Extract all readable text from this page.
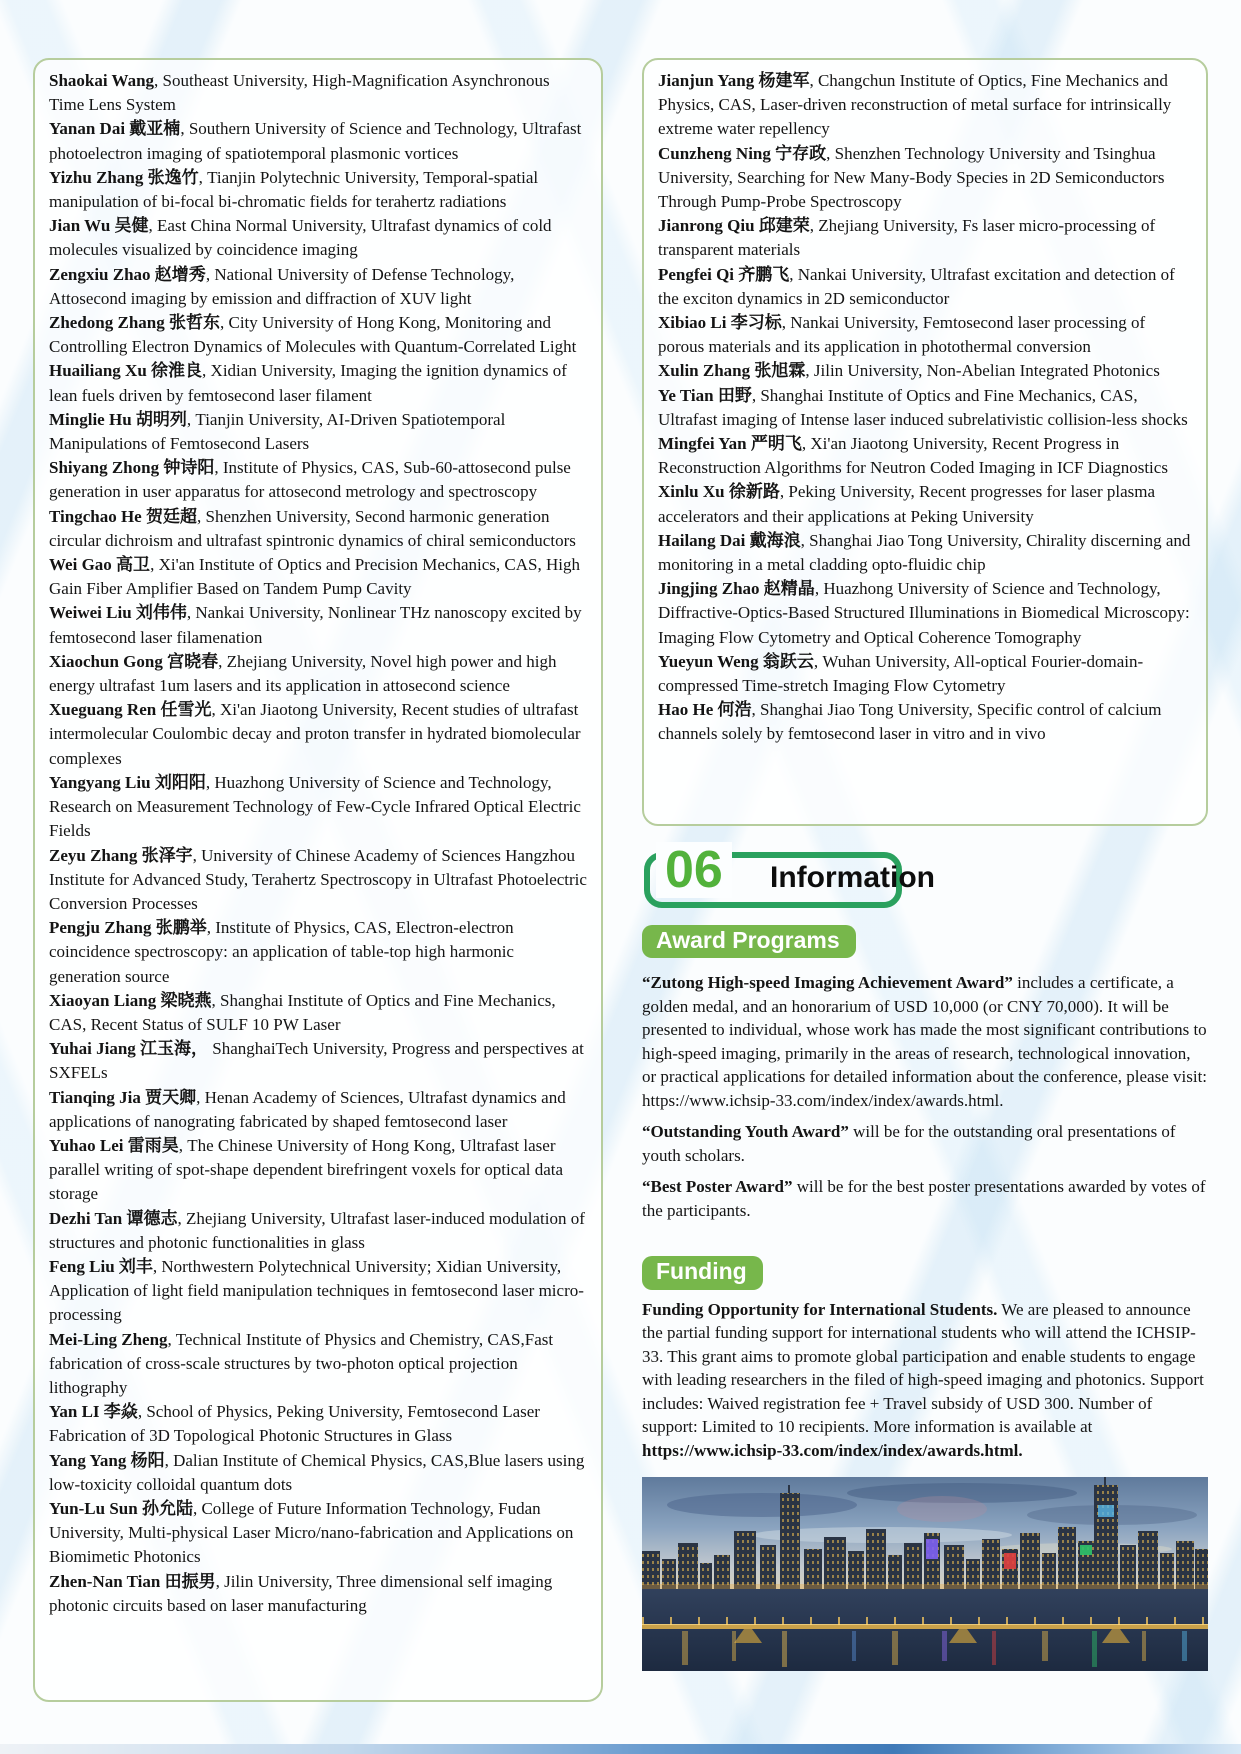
Shaokai Wang, Southeast University, High-Magnification Asynchronous Time Lens System

Yanan Dai 戴亚楠, Southern University of Science and Technology, Ultrafast photoelectron imaging of spatiotemporal plasmonic vortices

Yizhu Zhang 张逸竹, Tianjin Polytechnic University, Temporal-spatial manipulation of bi-focal bi-chromatic fields for terahertz radiations

Jian Wu 吴健, East China Normal University, Ultrafast dynamics of cold molecules visualized by coincidence imaging

Zengxiu Zhao 赵增秀, National University of Defense Technology, Attosecond imaging by emission and diffraction of XUV light

Zhedong Zhang 张哲东, City University of Hong Kong, Monitoring and Controlling Electron Dynamics of Molecules with Quantum-Correlated Light

Huailiang Xu 徐淮良, Xidian University, Imaging the ignition dynamics of lean fuels driven by femtosecond laser filament

Minglie Hu 胡明列, Tianjin University, AI-Driven Spatiotemporal Manipulations of Femtosecond Lasers

Shiyang Zhong 钟诗阳, Institute of Physics, CAS, Sub-60-attosecond pulse generation in user apparatus for attosecond metrology and spectroscopy

Tingchao He 贺廷超, Shenzhen University, Second harmonic generation circular dichroism and ultrafast spintronic dynamics of chiral semiconductors

Wei Gao 高卫, Xi'an Institute of Optics and Precision Mechanics, CAS, High Gain Fiber Amplifier Based on Tandem Pump Cavity

Weiwei Liu 刘伟伟, Nankai University, Nonlinear THz nanoscopy excited by femtosecond laser filamenation

Xiaochun Gong 宫晓春, Zhejiang University, Novel high power and high energy ultrafast 1um lasers and its application in attosecond science

Xueguang Ren 任雪光, Xi'an Jiaotong University, Recent studies of ultrafast intermolecular Coulombic decay and proton transfer in hydrated biomolecular complexes

Yangyang Liu 刘阳阳, Huazhong University of Science and Technology, Research on Measurement Technology of Few-Cycle Infrared Optical Electric Fields

Zeyu Zhang 张泽宇, University of Chinese Academy of Sciences Hangzhou Institute for Advanced Study, Terahertz Spectroscopy in Ultrafast Photoelectric Conversion Processes

Pengju Zhang 张鹏举, Institute of Physics, CAS, Electron-electron coincidence spectroscopy: an application of table-top high harmonic generation source

Xiaoyan Liang 梁晓燕, Shanghai Institute of Optics and Fine Mechanics, CAS, Recent Status of SULF 10 PW Laser

Yuhai Jiang 江玉海， ShanghaiTech University, Progress and perspectives at SXFELs

Tianqing Jia 贾天卿, Henan Academy of Sciences, Ultrafast dynamics and applications of nanograting fabricated by shaped femtosecond laser

Yuhao Lei 雷雨昊, The Chinese University of Hong Kong, Ultrafast laser parallel writing of spot-shape dependent birefringent voxels for optical data storage

Dezhi Tan 谭德志, Zhejiang University, Ultrafast laser-induced modulation of structures and photonic functionalities in glass

Feng Liu 刘丰, Northwestern Polytechnical University; Xidian University, Application of light field manipulation techniques in femtosecond laser micro-processing

Mei-Ling Zheng, Technical Institute of Physics and Chemistry, CAS,Fast fabrication of cross-scale structures by two-photon optical projection lithography

Yan LI 李焱, School of Physics, Peking University, Femtosecond Laser Fabrication of 3D Topological Photonic Structures in Glass

Yang Yang 杨阳, Dalian Institute of Chemical Physics, CAS,Blue lasers using low-toxicity colloidal quantum dots

Yun-Lu Sun 孙允陆, College of Future Information Technology, Fudan University, Multi-physical Laser Micro/nano-fabrication and Applications on Biomimetic Photonics

Zhen-Nan Tian 田振男, Jilin University, Three dimensional self imaging photonic circuits based on laser manufacturing

Jianjun Yang 杨建军, Changchun Institute of Optics, Fine Mechanics and Physics, CAS, Laser-driven reconstruction of metal surface for intrinsically extreme water repellency

Cunzheng Ning 宁存政, Shenzhen Technology University and Tsinghua University, Searching for New Many-Body Species in 2D Semiconductors Through Pump-Probe Spectroscopy

Jianrong Qiu 邱建荣, Zhejiang University, Fs laser micro-processing of transparent materials

Pengfei Qi 齐鹏飞, Nankai University, Ultrafast excitation and detection of the exciton dynamics in 2D semiconductor

Xibiao Li 李习标, Nankai University, Femtosecond laser processing of porous materials and its application in photothermal conversion

Xulin Zhang 张旭霖, Jilin University, Non-Abelian Integrated Photonics

Ye Tian 田野, Shanghai Institute of Optics and Fine Mechanics, CAS, Ultrafast imaging of Intense laser induced subrelativistic collision-less shocks

Mingfei Yan 严明飞, Xi'an Jiaotong University, Recent Progress in Reconstruction Algorithms for Neutron Coded Imaging in ICF Diagnostics

Xinlu Xu 徐新路, Peking University, Recent progresses for laser plasma accelerators and their applications at Peking University

Hailang Dai 戴海浪, Shanghai Jiao Tong University, Chirality discerning and monitoring in a metal cladding opto-fluidic chip

Jingjing Zhao 赵精晶, Huazhong University of Science and Technology, Diffractive-Optics-Based Structured Illuminations in Biomedical Microscopy: Imaging Flow Cytometry and Optical Coherence Tomography

Yueyun Weng 翁跃云, Wuhan University, All-optical Fourier-domain-compressed Time-stretch Imaging Flow Cytometry

Hao He 何浩, Shanghai Jiao Tong University, Specific control of calcium channels solely by femtosecond laser in vitro and in vivo

06	Information
Award Programs

“Zutong High-speed Imaging Achievement Award” includes a certificate, a golden medal, and an honorarium of USD 10,000 (or CNY 70,000). It will be presented to individual, whose work has made the most significant contributions to high-speed imaging, primarily in the areas of research, technological innovation, or practical applications for detailed information about the conference, please visit: https://www.ichsip-33.com/index/index/awards.html.

“Outstanding Youth Award” will be for the outstanding oral presentations of youth scholars.

“Best Poster Award” will be for the best poster presentations awarded by votes of the participants.

Funding

Funding Opportunity for International Students. We are pleased to announce the partial funding support for international students who will attend the ICHSIP-33. This grant aims to promote global participation and enable students to engage with leading researchers in the filed of high-speed imaging and photonics. Support includes: Waived registration fee + Travel subsidy of USD 300. Number of support: Limited to 10 recipients. More information is available at https://www.ichsip-33.com/index/index/awards.html.
